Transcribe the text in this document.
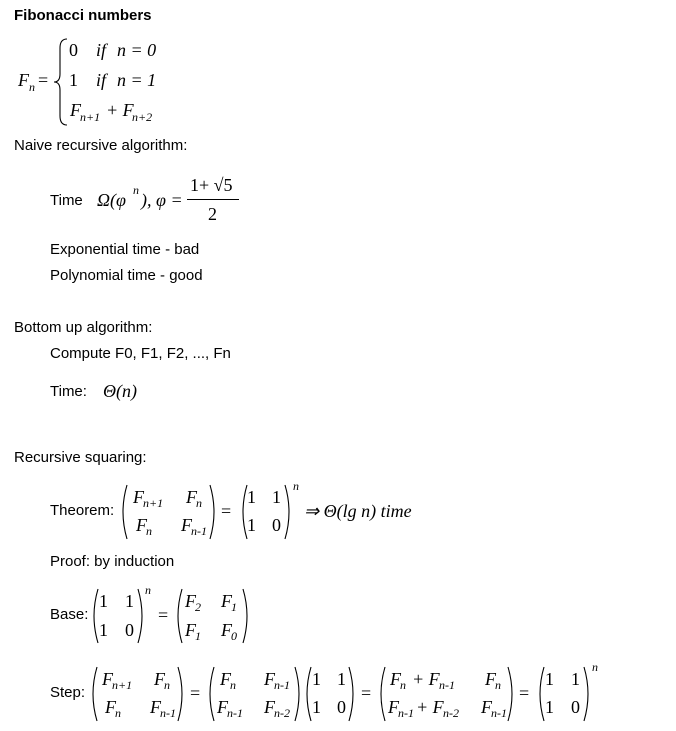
Fibonacci numbers
F n =
0 if n = 0
1 if n = 1
F n+1 + F
n+2
Naive recursive algorithm:
Time Ω(φ n ), φ =
1+ √5
2
Exponential time - bad
Polynomial time - good
Bottom up algorithm:
Compute F0, F1, F2, ..., Fn
Time: Θ(n)
Recursive squaring:
Theorem:
F n+1 F n
F n F n-1
=
1 1
1 0
n
⇒ Θ(lg n) time
Proof: by induction
Base:
1 1
1 0
n
=
F 2 F 1
F 1 F 0
Step:
F n+1 F n
F n F n-1
=
F n F n-1
F n-1 F n-2
1 1
1 0
=
F n + F n-1 F n
F n-1 + F n-2 F n-1
=
1 1
1 0
n
